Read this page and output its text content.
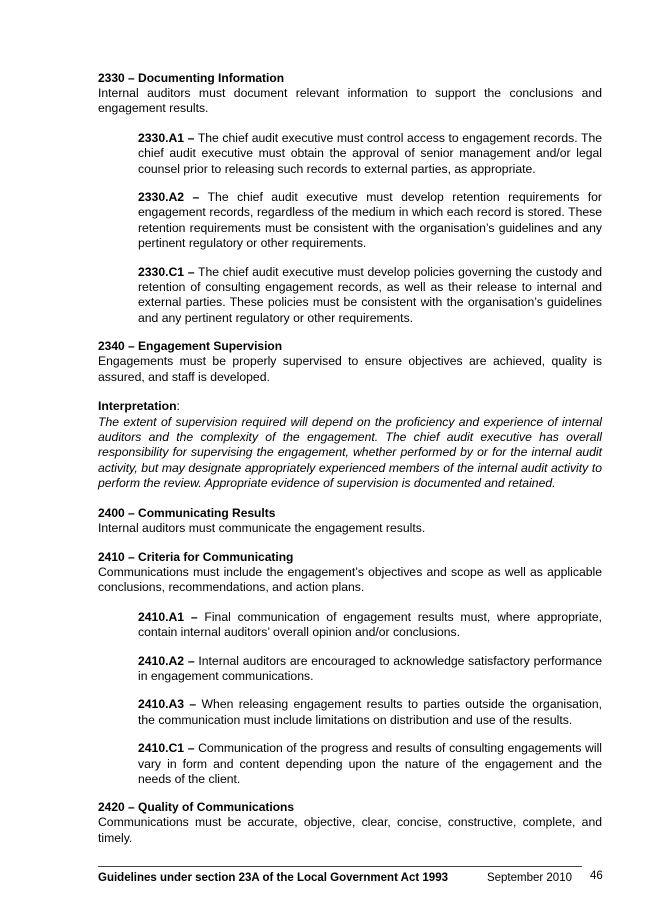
2330 – Documenting Information

Internal auditors must document relevant information to support the conclusions and engagement results.

2330.A1 – The chief audit executive must control access to engagement records. The chief audit executive must obtain the approval of senior management and/or legal counsel prior to releasing such records to external parties, as appropriate.

2330.A2 – The chief audit executive must develop retention requirements for engagement records, regardless of the medium in which each record is stored. These retention requirements must be consistent with the organisation’s guidelines and any pertinent regulatory or other requirements.

2330.C1 – The chief audit executive must develop policies governing the custody and retention of consulting engagement records, as well as their release to internal and external parties. These policies must be consistent with the organisation’s guidelines and any pertinent regulatory or other requirements.

2340 – Engagement Supervision

Engagements must be properly supervised to ensure objectives are achieved, quality is assured, and staff is developed.

Interpretation:

The extent of supervision required will depend on the proficiency and experience of internal auditors and the complexity of the engagement. The chief audit executive has overall responsibility for supervising the engagement, whether performed by or for the internal audit activity, but may designate appropriately experienced members of the internal audit activity to perform the review. Appropriate evidence of supervision is documented and retained.

2400 – Communicating Results

Internal auditors must communicate the engagement results.

2410 – Criteria for Communicating

Communications must include the engagement’s objectives and scope as well as applicable conclusions, recommendations, and action plans.

2410.A1 – Final communication of engagement results must, where appropriate, contain internal auditors’ overall opinion and/or conclusions.

2410.A2 – Internal auditors are encouraged to acknowledge satisfactory performance in engagement communications.

2410.A3 – When releasing engagement results to parties outside the organisation, the communication must include limitations on distribution and use of the results.

2410.C1 – Communication of the progress and results of consulting engagements will vary in form and content depending upon the nature of the engagement and the needs of the client.

2420 – Quality of Communications

Communications must be accurate, objective, clear, concise, constructive, complete, and timely.

Guidelines under section 23A of the Local Government Act 1993	September 2010 46
